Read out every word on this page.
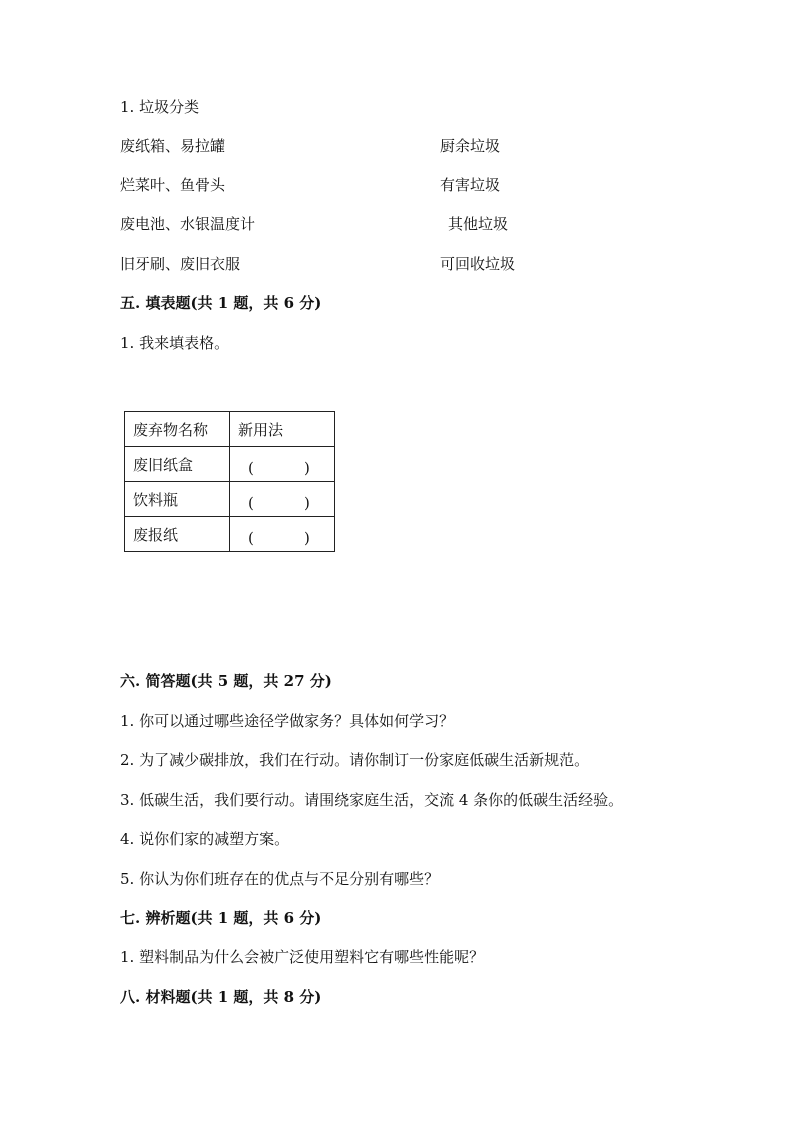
1. 垃圾分类
废纸箱、易拉罐	厨余垃圾
烂菜叶、鱼骨头	有害垃圾
废电池、水银温度计	其他垃圾
旧牙刷、废旧衣服	可回收垃圾
五. 填表题(共 1 题，共 6 分)
1. 我来填表格。
废弃物名称	新用法
废旧纸盒	( )

饮料瓶	( )

废报纸	( )
六. 简答题(共 5 题，共 27 分)
1. 你可以通过哪些途径学做家务？具体如何学习？
2. 为了减少碳排放，我们在行动。请你制订一份家庭低碳生活新规范。
3. 低碳生活，我们要行动。请围绕家庭生活，交流 4 条你的低碳生活经验。
4. 说你们家的减塑方案。
5. 你认为你们班存在的优点与不足分别有哪些？
七. 辨析题(共 1 题，共 6 分)
1. 塑料制品为什么会被广泛使用塑料它有哪些性能呢？
八. 材料题(共 1 题，共 8 分)
